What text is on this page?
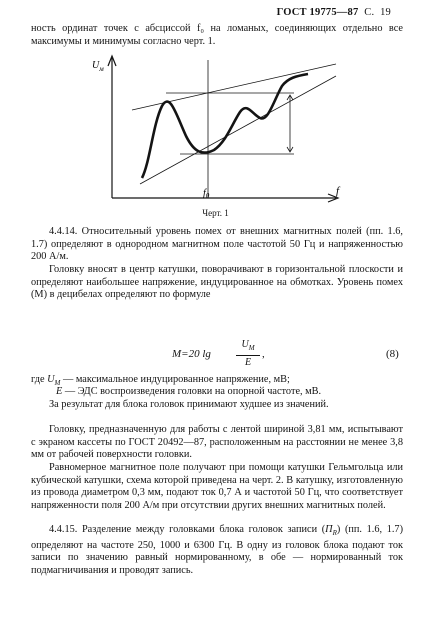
ГОСТ 19775—87 С. 19

ность ординат точек с абсциссой f₀ на ломаных, соединяющих отдельно все максимумы и минимумы согласно черт. 1.

$U_м$
f
$f_0$
Черт. 1

4.4.14. Относительный уровень помех от внешних магнитных полей (пп. 1.6, 1.7) определяют в однородном магнитном поле частотой 50 Гц и напряженностью 200 А/м.

Головку вносят в центр катушки, поворачивают в горизонтальной плоскости и определяют наибольшее напряжение, индуцированное на обмотках. Уровень помех (M) в децибелах определяют по формуле

M=20 lg	$\frac{U_M}{E}$ ,	(8)

где $U_M$ — максимальное индуцированное напряжение, мВ;

E — ЭДС воспроизведения головки на опорной частоте, мВ.

За результат для блока головок принимают худшее из значений.

Головку, предназначенную для работы с лентой шириной 3,81 мм, испытывают с экраном кассеты по ГОСТ 20492—87, расположенным на расстоянии не менее 3,8 мм от рабочей поверхности головки.

Равномерное магнитное поле получают при помощи катушки Гельмгольца или кубической катушки, схема которой приведена на черт. 2. В катушку, изготовленную из провода диаметром 0,3 мм, подают ток 0,7 А и частотой 50 Гц, что соответствует напряженности поля 200 А/м при отсутствии других внешних магнитных полей.

4.4.15. Разделение между головками блока головок записи $(П_R)$ (пп. 1.6, 1.7) определяют на частоте 250, 1000 и 6300 Гц. В одну из головок блока подают ток записи по значению равный нормированному, в обе — нормированный ток подмагничивания и проводят запись.
